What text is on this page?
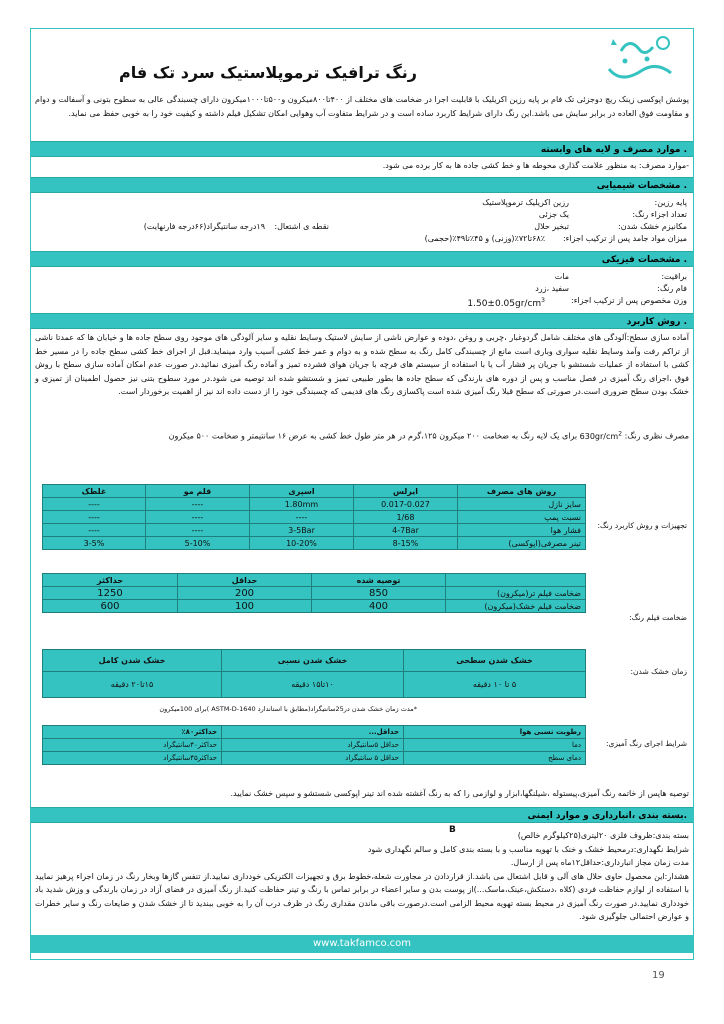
رنگ ترافیک ترموپلاستیک سرد تک فام

پوشش اپوکسی زینک ریچ دوجزئی تک فام بر پایه رزین اکریلیک با قابلیت اجرا در ضخامت های مختلف از ۴۰۰تا۸۰۰میکرون و۵۰۰تا۱۰۰۰میکرون دارای چسبندگی عالی به سطوح بتونی و آسفالت و دوام و مقاومت فوق العاده در برابر سایش می باشد.این رنگ دارای شرایط کاربرد ساده است و در شرایط متفاوت آب وهوایی امکان تشکیل فیلم داشته و کیفیت خود را به خوبی حفظ می نماید.

. موارد مصرف و لایه های وابسته

-موارد مصرف: به منظور علامت گذاری محوطه ها و خط کشی جاده ها به کار برده می شود.

. مشخصات شیمیایی
پایه رزین:
رزین اکریلیک ترموپلاستیک
تعداد اجزاء رنگ:
یک جزئی
مکانیزم خشک شدن:
تبخیر حلال
نقطه ی اشتعال:
۱۹درجه سانتیگراد(۶۶درجه فارنهایت)
میزان مواد جامد پس از ترکیب اجزاء:
۶۸٪تا۷۲٪(وزنی) و ۴۵٪تا۴۹٪(حجمی)
. مشخصات فیزیکی
براقیت:
مات
فام رنگ:
سفید ،زرد
وزن مخصوص پس از ترکیب اجزاء:
$1.50\pm 0.05gr/cm^3$
. روش کاربرد

آماده سازی سطح:آلودگی های مختلف شامل گردوغبار ،چربی و روغن ،دوده و عوارض ناشی از سایش لاستیک وسایط نقلیه و سایر آلودگی های موجود روی سطح جاده ها و خیابان ها که عمدتا ناشی از تراکم رفت وآمد وسایط نقلیه سواری وباری است مانع از چسبندگی کامل رنگ به سطح شده و به دوام و عمر خط کشی آسیب وارد مینماید.قبل از اجرای خط کشی سطح جاده را در مسیر خط کشی با استفاده از عملیات شستشو با جریان پر فشار آب یا با استفاده از سیستم های فرچه با جریان هوای فشرده تمیز و آماده رنگ آمیزی نمائید.در صورت عدم امکان آماده سازی سطح با روش فوق ،اجرای رنگ آمیزی در فصل مناسب و پس از دوره های بارندگی که سطح جاده ها بطور طبیعی تمیز و شستشو شده اند توصیه می شود.در مورد سطوح بتنی نیز حصول اطمینان از تمیزی و خشک بودن سطح ضروری است.در صورتی که سطح قبلا رنگ آمیزی شده است پاکسازی رنگ های قدیمی که چسبندگی خود را از دست داده اند نیز از اهمیت برخوردار است.

مصرف نظری رنگ: $630gr/cm^2$ برای یک لایه رنگ به ضخامت ۲۰۰ میکرون ۱۲۵،گرم در هر متر طول خط کشی به عرض ۱۶ سانتیمتر و ضخامت ۵۰۰ میکرون

تجهیزات و روش کاربرد رنگ:
روش های مصرف	ایرلس	اسپری	قلم مو	غلطک
سایز نازل	0.017-0.027	1.80mm	----	----
نسبت پمپ	1/68	----	----	----
فشار هوا	4-7Bar	3-5Bar	----	----
تینر مصرفی(اپوکسی)	8-15%	10-20%	5-10%	3-5%
ضخامت فیلم رنگ:
	توصیه شده	حداقل	حداکثر
ضخامت فیلم تر(میکرون)	850	200	1250
ضخامت فیلم خشک(میکرون)	400	100	600
زمان خشک شدن:
خشک شدن سطحی	خشک شدن نسبی	خشک شدن کامل
۵ تا ۱۰ دقیقه	۱۰تا۱۵ دقیقه	۱۵تا۲۰ دقیقه
*مدت زمان خشک شدن در25سانتیگراد(مطابق با استاندارد ASTM-D-1640 )برای 100میکرون
شرایط اجرای رنگ آمیزی:
رطوبت نسبی هوا	حداقل...	حداکثر۸۰٪
دما	حداقل ۵سانتیگراد	حداکثر۴۰سانتیگراد
دمای سطح	حداقل ۵ سانتیگراد	حداکثر۴۵سانتیگراد

توصیه هاپس از خاتمه رنگ آمیزی،پیستوله ،شیلنگها،ابزار و لوازمی را که به رنگ آغشته شده اند تینر اپوکسی شستشو و سپس خشک نمایید.

.بسته بندی ،انبارداری و موارد ایمنی

بسته بندی:ظروف فلزی ۲۰لیتری(۲۵کیلوگرم خالص)

شرایط نگهداری:درمحیط خشک و خنک با تهویه مناسب و با بسته بندی کامل و سالم نگهداری شود

مدت زمان مجاز انبارداری:حداقل۱۲ماه پس از ارسال.

هشدار:این محصول حاوی حلال های آلی و قابل اشتعال می باشد.از قراردادن در مجاورت شعله،خطوط برق و تجهیزات الکتریکی خودداری نمایید.از تنفس گازها وبخار رنگ در زمان اجراء پرهیز نمایید با استفاده از لوازم حفاظت فردی (کلاه ،دستکش،عینک،ماسک...)از پوست بدن و سایر اعضاء در برابر تماس با رنگ و تینر حفاظت کنید.از رنگ آمیزی در فضای آزاد در زمان بارندگی و وزش شدید باد خودداری نمایید.در صورت رنگ آمیزی در محیط بسته تهویه محیط الزامی است.درصورت باقی ماندن مقداری رنگ در ظرف درب آن را به خوبی ببندید تا از خشک شدن و ضایعات رنگ و سایر خطرات و عوارض احتمالی جلوگیری شود.

B
www.takfamco.com
19
